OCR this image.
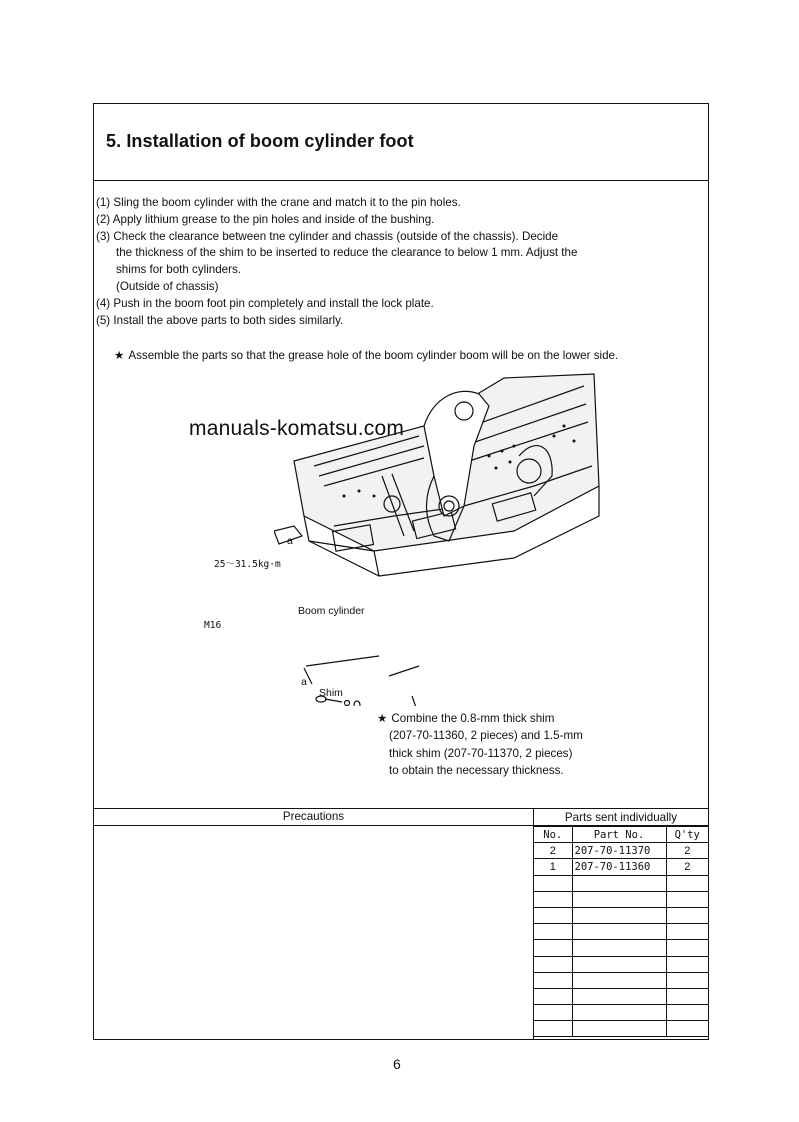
5. Installation of boom cylinder foot
(1) Sling the boom cylinder with the crane and match it to the pin holes.
(2) Apply lithium grease to the pin holes and inside of the bushing.
(3) Check the clearance between tne cylinder and chassis (outside of the chassis). Decide
the thickness of the shim to be inserted to reduce the clearance to below 1 mm. Adjust the
shims for both cylinders.
(Outside of chassis)
(4) Push in the boom foot pin completely and install the lock plate.
(5) Install the above parts to both sides similarly.
★ Assemble the parts so that the grease hole of the boom cylinder boom will be on the lower side.
a
25～31.5kg·m
M16
Boom cylinder
a
Shim
manuals-komatsu.com
★ Combine the 0.8-mm thick shim
(207-70-11360, 2 pieces) and 1.5-mm
thick shim (207-70-11370, 2 pieces)
to obtain the necessary thickness.
Precautions	Parts sent individually
No.	Part No.	Q'ty
2	207-70-11370	2
1	207-70-11360	2

6
